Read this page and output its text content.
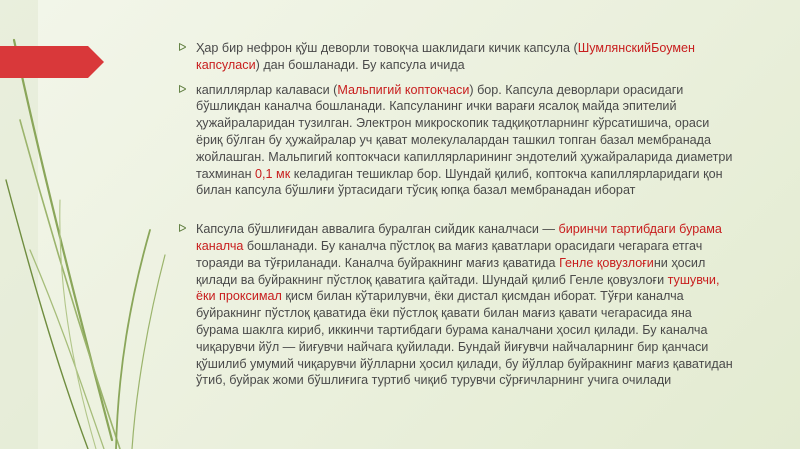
ᐅ Ҳар бир нефрон қўш деворли товоқча шаклидаги кичик капсула (ШумлянскийБоумен капсуласи) дан бошланади. Бу капсула ичида
ᐅ капиллярлар калаваси (Мальпигий коптокчаси) бор. Капсула деворлари орасидаги бўшлиқдан каналча бошланади. Капсуланинг ички варағи ясалоқ майда эпителий ҳужайраларидан тузилган. Электрон микроскопик тадқиқотларнинг кўрсатишича, ораси ёриқ бўлган бу ҳужайралар уч қават молекулалардан ташкил топган базал мембранада жойлашган. Мальпигий коптокчаси капиллярларининг эндотелий ҳужайраларида диаметри тахминан 0,1 мк келадиган тешиклар бор. Шундай қилиб, коптокча капиллярларидаги қон билан капсула бўшлиғи ўртасидаги тўсиқ юпқа базал мембранадан иборат
ᐅ Капсула бўшлиғидан аввалига буралган сийдик каналчаси — биринчи тартибдаги бурама каналча бошланади. Бу каналча пўстлоқ ва мағиз қаватлари орасидаги чегарага етгач тораяди ва тўғриланади. Каналча буйракнинг мағиз қаватида Генле қовузлоғини ҳосил қилади ва буйракнинг пўстлоқ қаватига қайтади. Шундай қилиб Генле қовузлоғи тушувчи, ёки проксимал қисм билан кўтарилувчи, ёки дистал қисмдан иборат. Тўғри каналча буйракнинг пўстлоқ қаватида ёки пўстлоқ қавати билан мағиз қавати чегарасида яна бурама шаклга кириб, иккинчи тартибдаги бурама каналчани ҳосил қилади. Бу каналча чиқарувчи йўл — йиғувчи найчага қуйилади. Бундай йиғувчи найчаларнинг бир қанчаси қўшилиб умумий чиқарувчи йўлларни ҳосил қилади, бу йўллар буйракнинг мағиз қаватидан ўтиб, буйрак жоми бўшлиғига туртиб чиқиб турувчи сўрғичларнинг учига очилади
